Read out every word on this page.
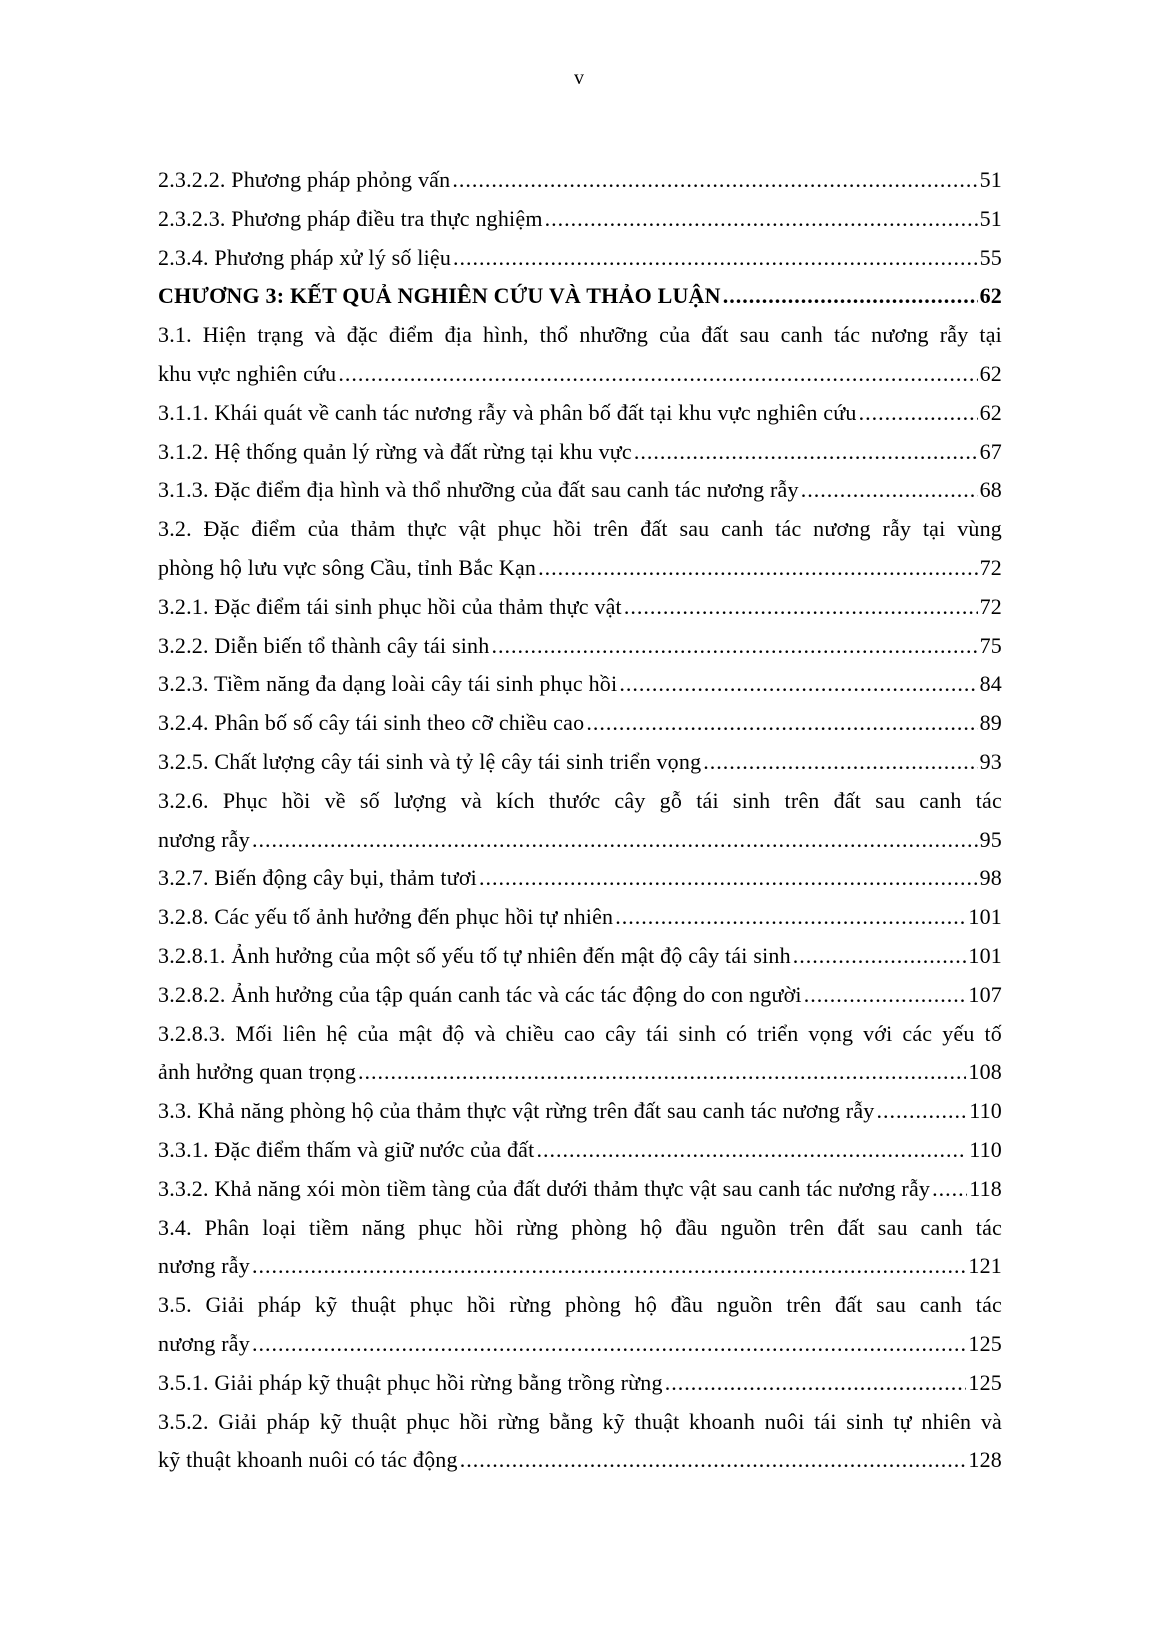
v
2.3.2.2. Phương pháp phỏng vấn .....	51
2.3.2.3. Phương pháp điều tra thực nghiệm .....	51
2.3.4. Phương pháp xử lý số liệu .....	55
CHƯƠNG 3: KẾT QUẢ NGHIÊN CỨU VÀ THẢO LUẬN .....	62
3.1. Hiện trạng và đặc điểm địa hình, thổ nhưỡng của đất sau canh tác nương rẫy tại
khu vực nghiên cứu .....	62
3.1.1. Khái quát về canh tác nương rẫy và phân bố đất tại khu vực nghiên cứu .....	62
3.1.2. Hệ thống quản lý rừng và đất rừng tại khu vực .....	67
3.1.3. Đặc điểm địa hình và thổ nhưỡng của đất sau canh tác nương rẫy .....	68
3.2. Đặc điểm của thảm thực vật phục hồi trên đất sau canh tác nương rẫy tại vùng
phòng hộ lưu vực sông Cầu, tỉnh Bắc Kạn .....	72
3.2.1. Đặc điểm tái sinh phục hồi của thảm thực vật .....	72
3.2.2. Diễn biến tổ thành cây tái sinh .....	75
3.2.3. Tiềm năng đa dạng loài cây tái sinh phục hồi .....	84
3.2.4. Phân bố số cây tái sinh theo cỡ chiều cao .....	89
3.2.5. Chất lượng cây tái sinh và tỷ lệ cây tái sinh triển vọng .....	93
3.2.6. Phục hồi về số lượng và kích thước cây gỗ tái sinh trên đất sau canh tác
nương rẫy .....	95
3.2.7. Biến động cây bụi, thảm tươi .....	98
3.2.8. Các yếu tố ảnh hưởng đến phục hồi tự nhiên .....	101
3.2.8.1. Ảnh hưởng của một số yếu tố tự nhiên đến mật độ cây tái sinh .....	101
3.2.8.2. Ảnh hưởng của tập quán canh tác và các tác động do con người .....	107
3.2.8.3. Mối liên hệ của mật độ và chiều cao cây tái sinh có triển vọng với các yếu tố
ảnh hưởng quan trọng .....	108
3.3. Khả năng phòng hộ của thảm thực vật rừng trên đất sau canh tác nương rẫy .....	110
3.3.1. Đặc điểm thấm và giữ nước của đất .....	110
3.3.2. Khả năng xói mòn tiềm tàng của đất dưới thảm thực vật sau canh tác nương rẫy ..... 118
3.4. Phân loại tiềm năng phục hồi rừng phòng hộ đầu nguồn trên đất sau canh tác
nương rẫy .....	121
3.5. Giải pháp kỹ thuật phục hồi rừng phòng hộ đầu nguồn trên đất sau canh tác
nương rẫy .....	125
3.5.1. Giải pháp kỹ thuật phục hồi rừng bằng trồng rừng .....	125
3.5.2. Giải pháp kỹ thuật phục hồi rừng bằng kỹ thuật khoanh nuôi tái sinh tự nhiên và
kỹ thuật khoanh nuôi có tác động .....	128
